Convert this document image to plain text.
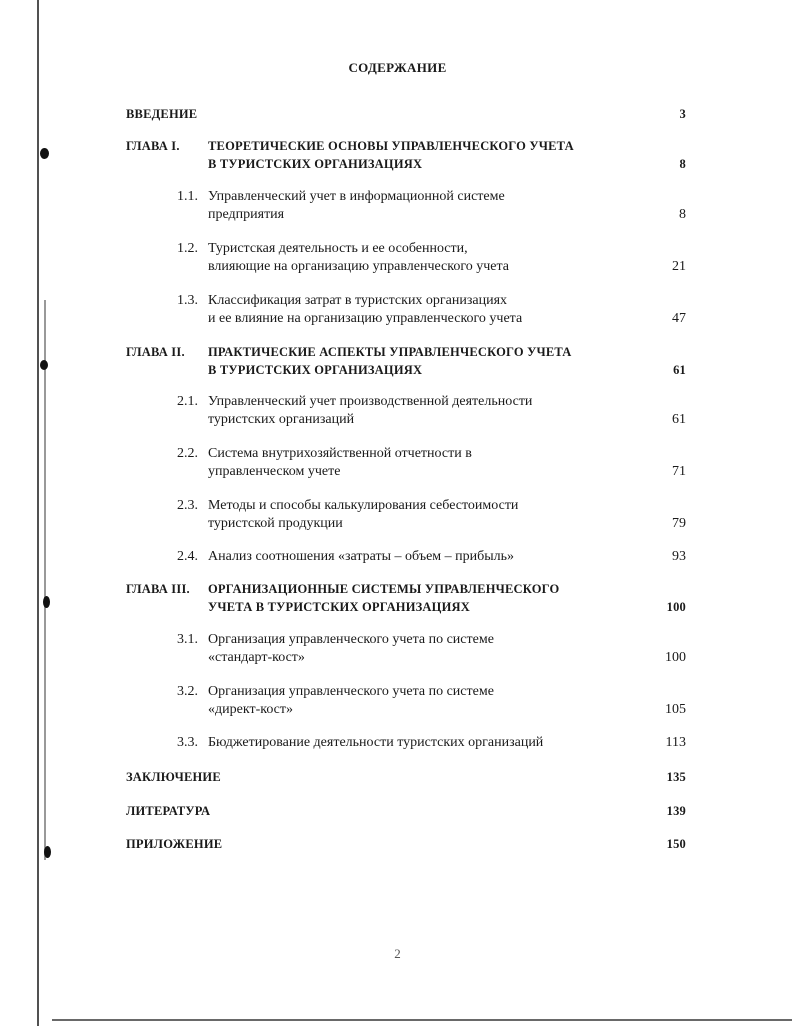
СОДЕРЖАНИЕ
ВВЕДЕНИЕ	3
ГЛАВА I. ТЕОРЕТИЧЕСКИЕ ОСНОВЫ УПРАВЛЕНЧЕСКОГО УЧЕТА
В ТУРИСТСКИХ ОРГАНИЗАЦИЯХ	8
1.1. Управленческий учет в информационной системе
предприятия	8
1.2. Туристская деятельность и ее особенности,
влияющие на организацию управленческого учета	21
1.3. Классификация затрат в туристских организациях
и ее влияние на организацию управленческого учета	47
ГЛАВА II. ПРАКТИЧЕСКИЕ АСПЕКТЫ УПРАВЛЕНЧЕСКОГО УЧЕТА
В ТУРИСТСКИХ ОРГАНИЗАЦИЯХ	61
2.1. Управленческий учет производственной деятельности
туристских организаций	61
2.2. Система внутрихозяйственной отчетности в
управленческом учете	71
2.3. Методы и способы калькулирования себестоимости
туристской продукции	79
2.4. Анализ соотношения «затраты – объем – прибыль»	93
ГЛАВА III. ОРГАНИЗАЦИОННЫЕ СИСТЕМЫ УПРАВЛЕНЧЕСКОГО
УЧЕТА В ТУРИСТСКИХ ОРГАНИЗАЦИЯХ	100
3.1. Организация управленческого учета по системе
«стандарт-кост»	100
3.2. Организация управленческого учета по системе
«директ-кост»	105
3.3. Бюджетирование деятельности туристских организаций	113
ЗАКЛЮЧЕНИЕ	135
ЛИТЕРАТУРА	139
ПРИЛОЖЕНИЕ	150
2
